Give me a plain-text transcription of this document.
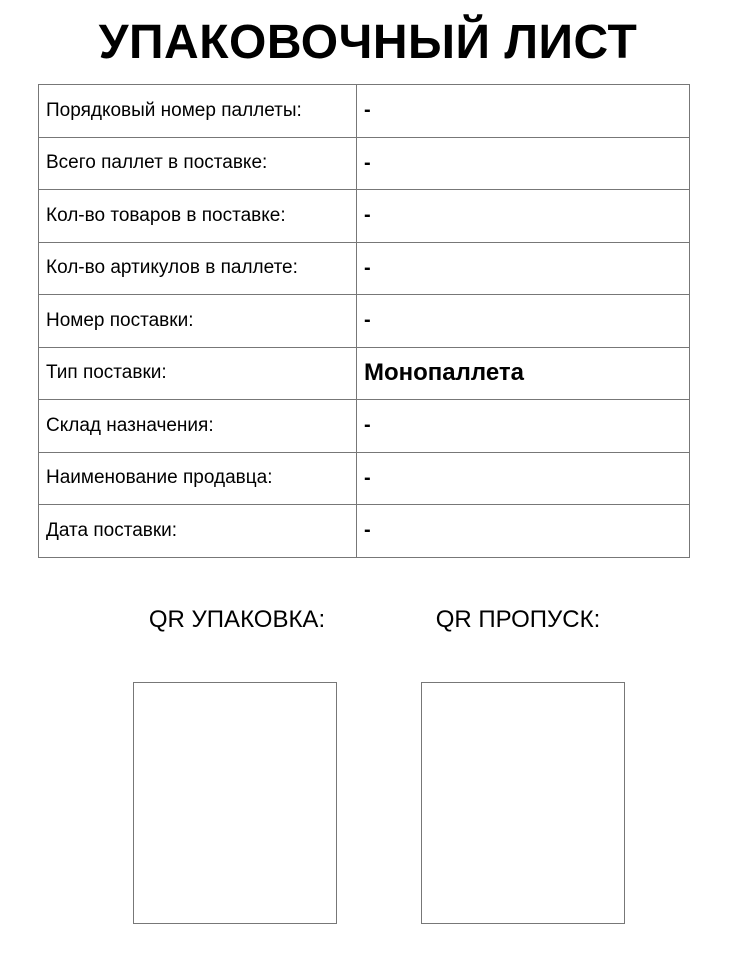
УПАКОВОЧНЫЙ ЛИСТ
Порядковый номер паллеты:	-
Всего паллет в поставке:	-
Кол-во товаров в поставке:	-
Кол-во артикулов в паллете:	-
Номер поставки:	-
Тип поставки:	Монопаллета
Склад назначения:	-
Наименование продавца:	-
Дата поставки:	-
QR УПАКОВКА:	QR ПРОПУСК:
